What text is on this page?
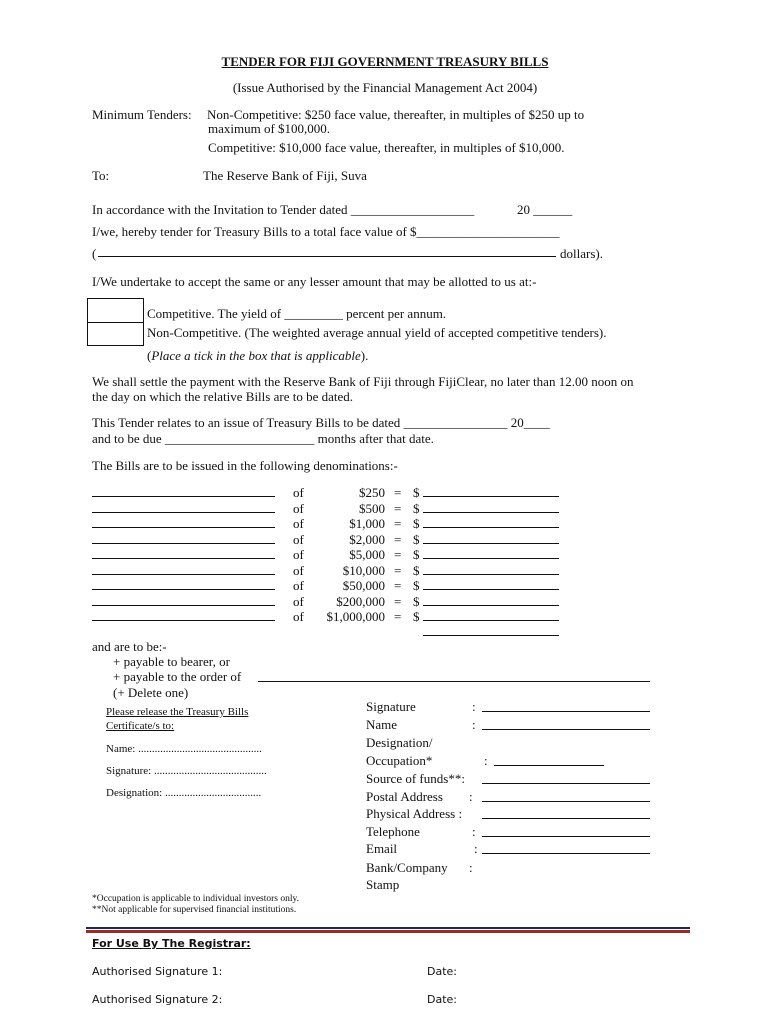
TENDER FOR FIJI GOVERNMENT TREASURY BILLS
(Issue Authorised by the Financial Management Act 2004)
Minimum Tenders: Non-Competitive: $250 face value, thereafter, in multiples of $250 up to
maximum of $100,000.
Competitive: $10,000 face value, thereafter, in multiples of $10,000.
To:	The Reserve Bank of Fiji, Suva
In accordance with the Invitation to Tender dated ___________________	20 ______
I/we, hereby tender for Treasury Bills to a total face value of $______________________
(	dollars).
I/We undertake to accept the same or any lesser amount that may be allotted to us at:-
Competitive. The yield of _________ percent per annum.
Non-Competitive. (The weighted average annual yield of accepted competitive tenders).
(Place a tick in the box that is applicable).
We shall settle the payment with the Reserve Bank of Fiji through FijiClear, no later than 12.00 noon on
the day on which the relative Bills are to be dated.
This Tender relates to an issue of Treasury Bills to be dated ________________ 20____
and to be due _______________________ months after that date.
The Bills are to be issued in the following denominations:-
of	$250 = $
of	$500 = $
of	$1,000 = $
of	$2,000 = $
of	$5,000 = $
of	$10,000 = $
of	$50,000 = $
of	$200,000 = $
of	$1,000,000 = $
and are to be:-
+ payable to bearer, or
+ payable to the order of
(+ Delete one)
Please release the Treasury Bills
Certificate/s to:
Name: .............................................
Signature: .........................................
Designation: ...................................
Signature	:
Name	:
Designation/
Occupation*	:
Source of funds**:
Postal Address :
Physical Address :
Telephone	:
Email	:
Bank/Company :
Stamp
*Occupation is applicable to individual investors only.
**Not applicable for supervised financial institutions.
For Use By The Registrar:
Authorised Signature 1:	Date:
Authorised Signature 2:	Date:
